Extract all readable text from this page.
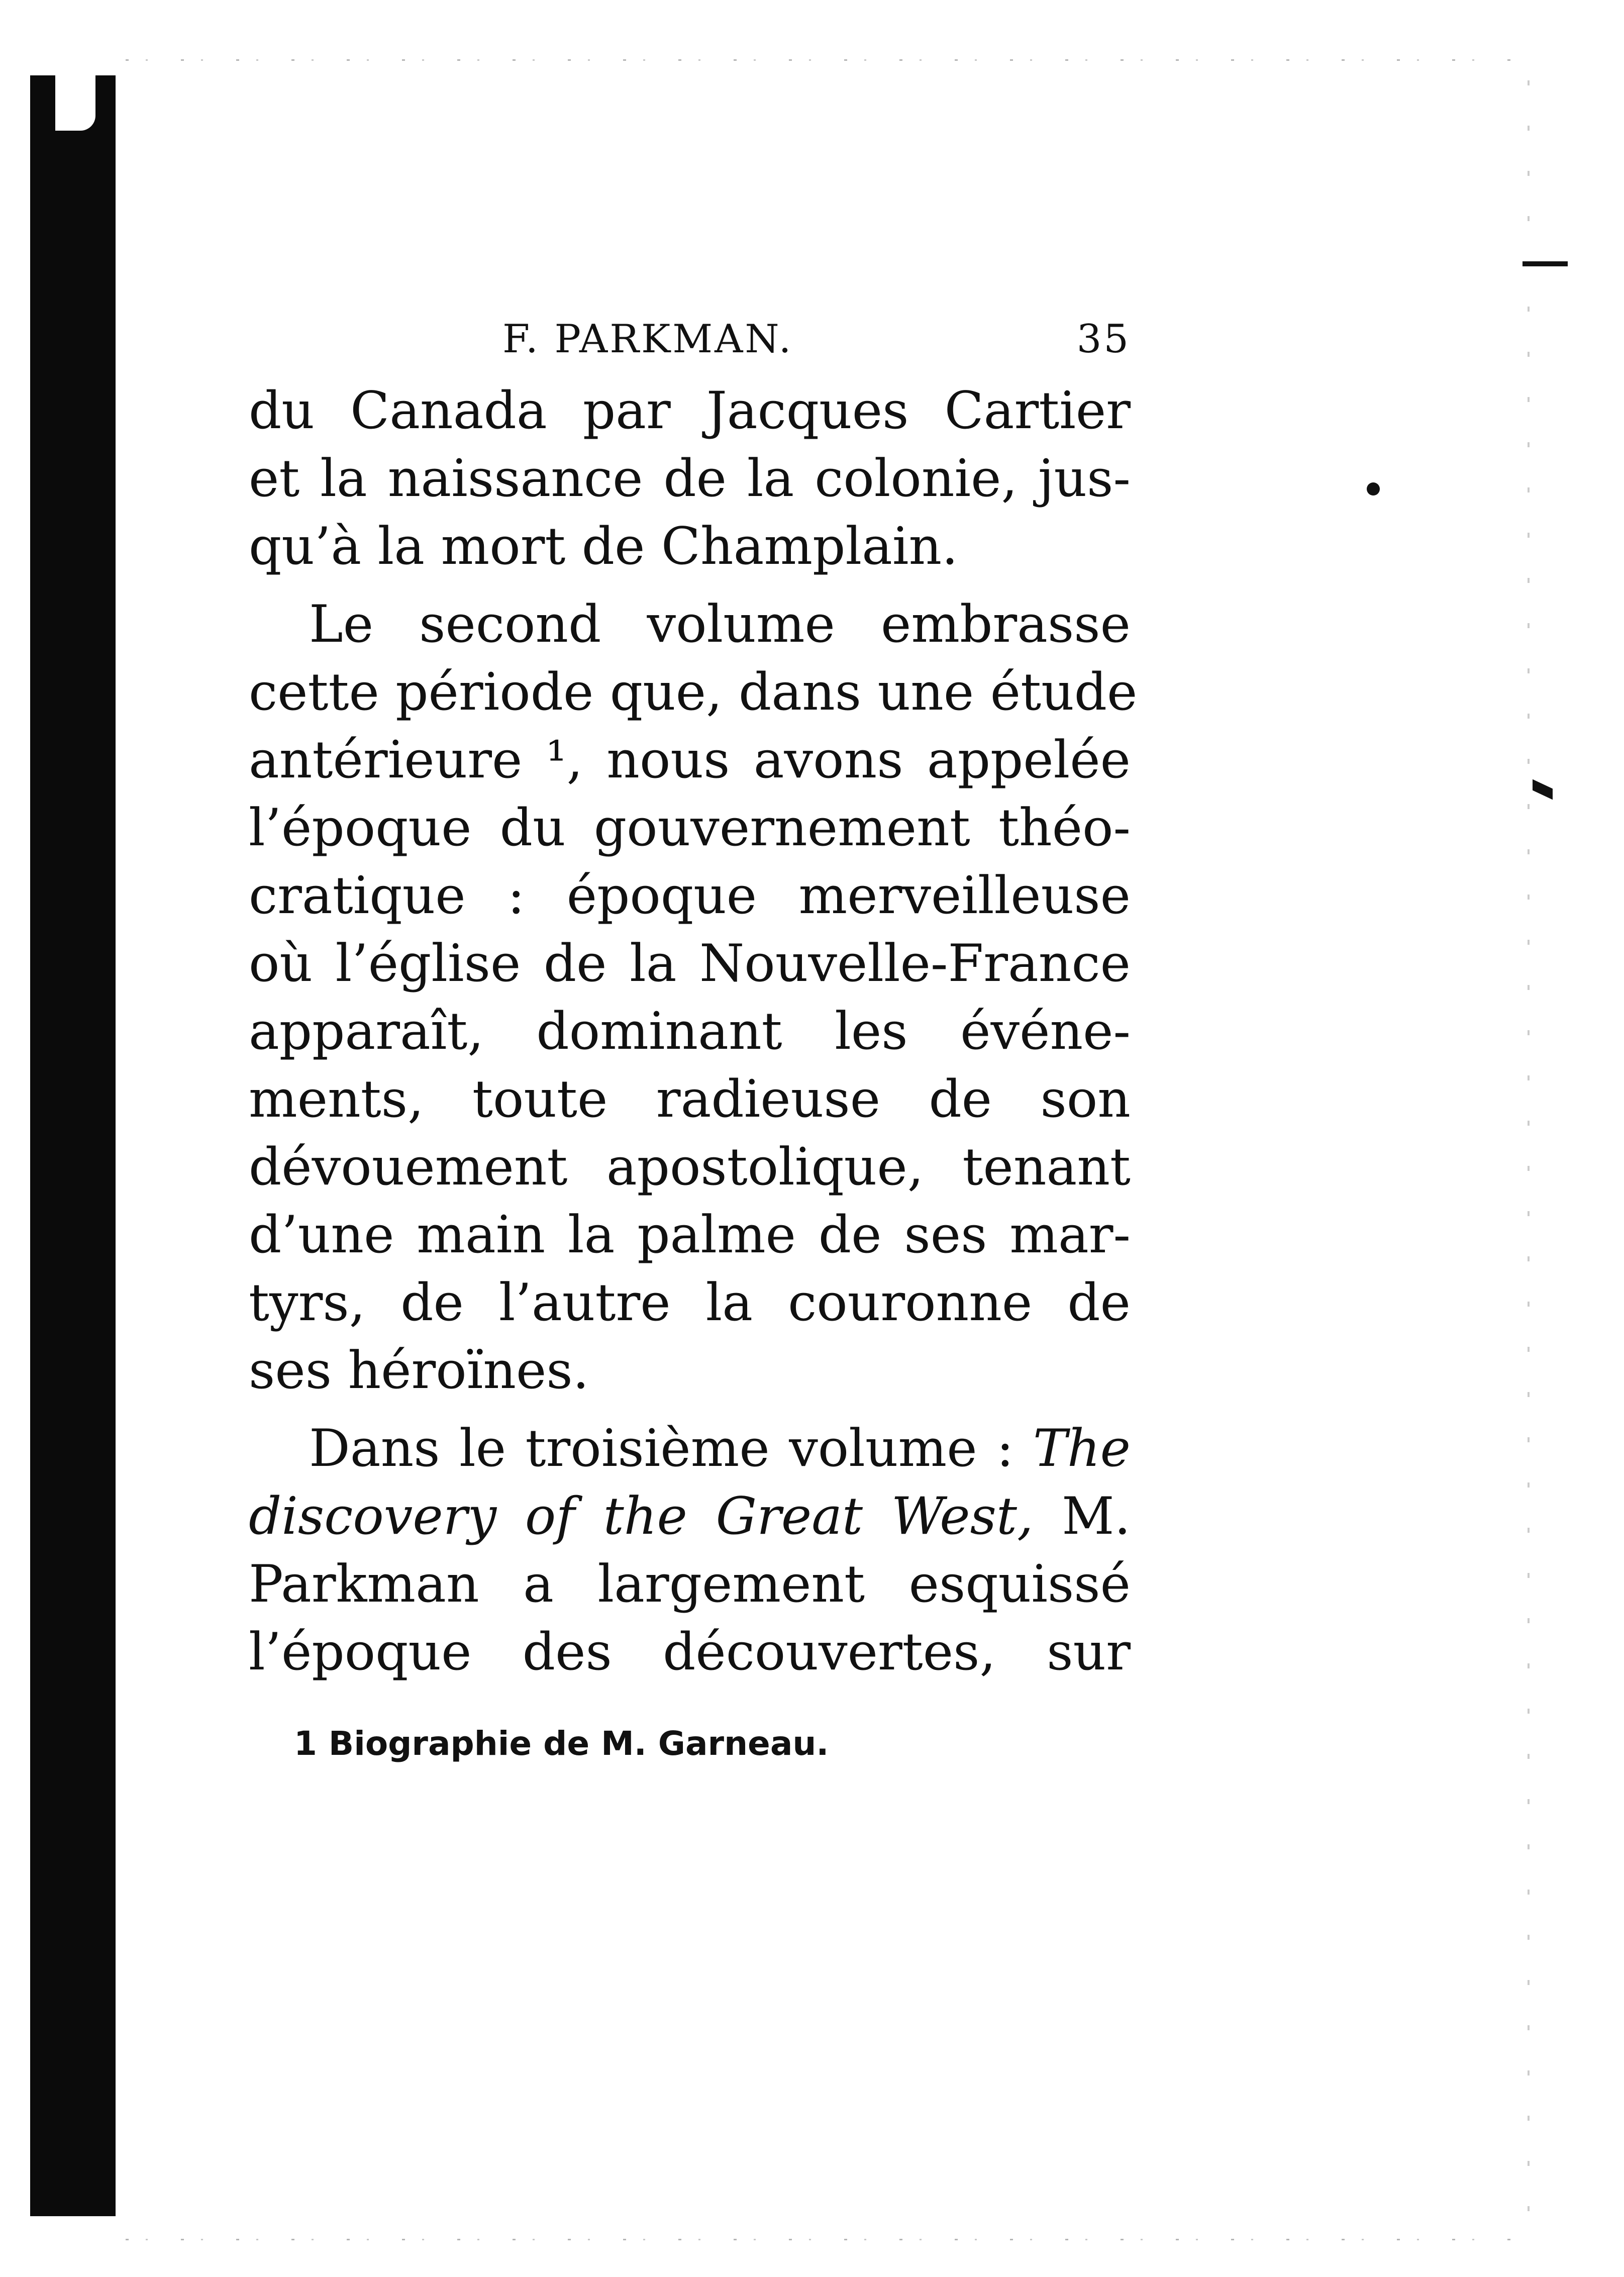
F. PARKMAN.	35
du Canada par Jacques Cartier
et la naissance de la colonie, jus-
qu’à la mort de Champlain.
Le second volume embrasse
cette période que, dans une étude
antérieure ¹, nous avons appelée
l’époque du gouvernement théo-
cratique : époque merveilleuse
où l’église de la Nouvelle-France
apparaît, dominant les événe-
ments, toute radieuse de son
dévouement apostolique, tenant
d’une main la palme de ses mar-
tyrs, de l’autre la couronne de
ses héroïnes.
Dans le troisième volume : The
discovery of the Great West, M.
Parkman a largement esquissé
l’époque des découvertes, sur
1 Biographie de M. Garneau.
